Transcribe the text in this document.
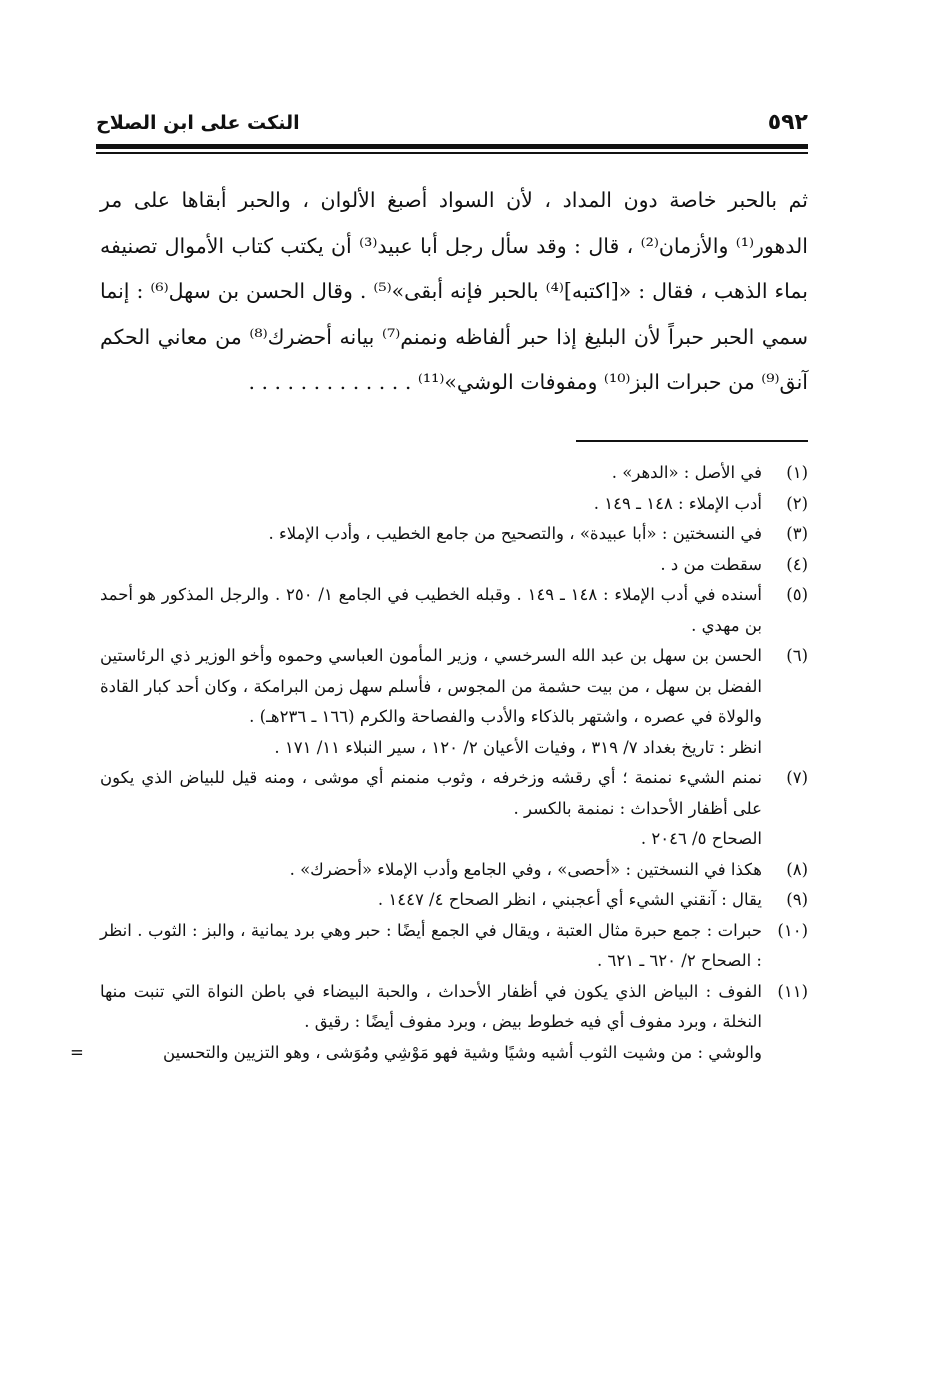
٥٩٢
النكت على ابن الصلاح

ثم بالحبر خاصة دون المداد ، لأن السواد أصبغ الألوان ، والحبر أبقاها على مر الدهور⁽¹⁾ والأزمان⁽²⁾ ، قال : وقد سأل رجل أبا عبيد⁽³⁾ أن يكتب كتاب الأموال تصنيفه بماء الذهب ، فقال : «[اكتبه]⁽⁴⁾ بالحبر فإنه أبقى»⁽⁵⁾ . وقال الحسن بن سهل⁽⁶⁾ : إنما سمي الحبر حبراً لأن البليغ إذا حبر ألفاظه ونمنم⁽⁷⁾ بيانه أحضرك⁽⁸⁾ من معاني الحكم آنق⁽⁹⁾ من حبرات البز⁽¹⁰⁾ ومفوفات الوشي»⁽¹¹⁾ . . . . . . . . . . . . .

(١)
في الأصل : «الدهر» .
(٢)
أدب الإملاء : ١٤٨ ـ ١٤٩ .
(٣)
في النسختين : «أبا عبيدة» ، والتصحيح من جامع الخطيب ، وأدب الإملاء .
(٤)
سقطت من د .
(٥)
أسنده في أدب الإملاء : ١٤٨ ـ ١٤٩ . وقبله الخطيب في الجامع ١/ ٢٥٠ . والرجل المذكور هو أحمد بن مهدي .
(٦)
الحسن بن سهل بن عبد الله السرخسي ، وزير المأمون العباسي وحموه وأخو الوزير ذي الرئاستين الفضل بن سهل ، من بيت حشمة من المجوس ، فأسلم سهل زمن البرامكة ، وكان أحد كبار القادة والولاة في عصره ، واشتهر بالذكاء والأدب والفصاحة والكرم (١٦٦ ـ ٢٣٦هـ) .
انظر : تاريخ بغداد ٧/ ٣١٩ ، وفيات الأعيان ٢/ ١٢٠ ، سير النبلاء ١١/ ١٧١ .
(٧)
نمنم الشيء نمنمة ؛ أي رقشه وزخرفه ، وثوب منمنم أي موشى ، ومنه قيل للبياض الذي يكون على أظفار الأحداث : نمنمة بالكسر .
الصحاح ٥/ ٢٠٤٦ .
(٨)
هكذا في النسختين : «أحصى» ، وفي الجامع وأدب الإملاء «أحضرك» .
(٩)
يقال : آنقني الشيء أي أعجبني ، انظر الصحاح ٤/ ١٤٤٧ .
(١٠)
حبرات : جمع حبرة مثال العتبة ، ويقال في الجمع أيضًا : حبر وهي برد يمانية ، والبز : الثوب . انظر : الصحاح ٢/ ٦٢٠ ـ ٦٢١ .
(١١)
الفوف : البياض الذي يكون في أظفار الأحداث ، والحبة البيضاء في باطن النواة التي تنبت منها النخلة ، وبرد مفوف أي فيه خطوط بيض ، وبرد مفوف أيضًا : رقيق .
والوشي : من وشيت الثوب أشيه وشيًا وشية فهو مَوْشِي ومُوَشى ، وهو التزيين والتحسين
=
